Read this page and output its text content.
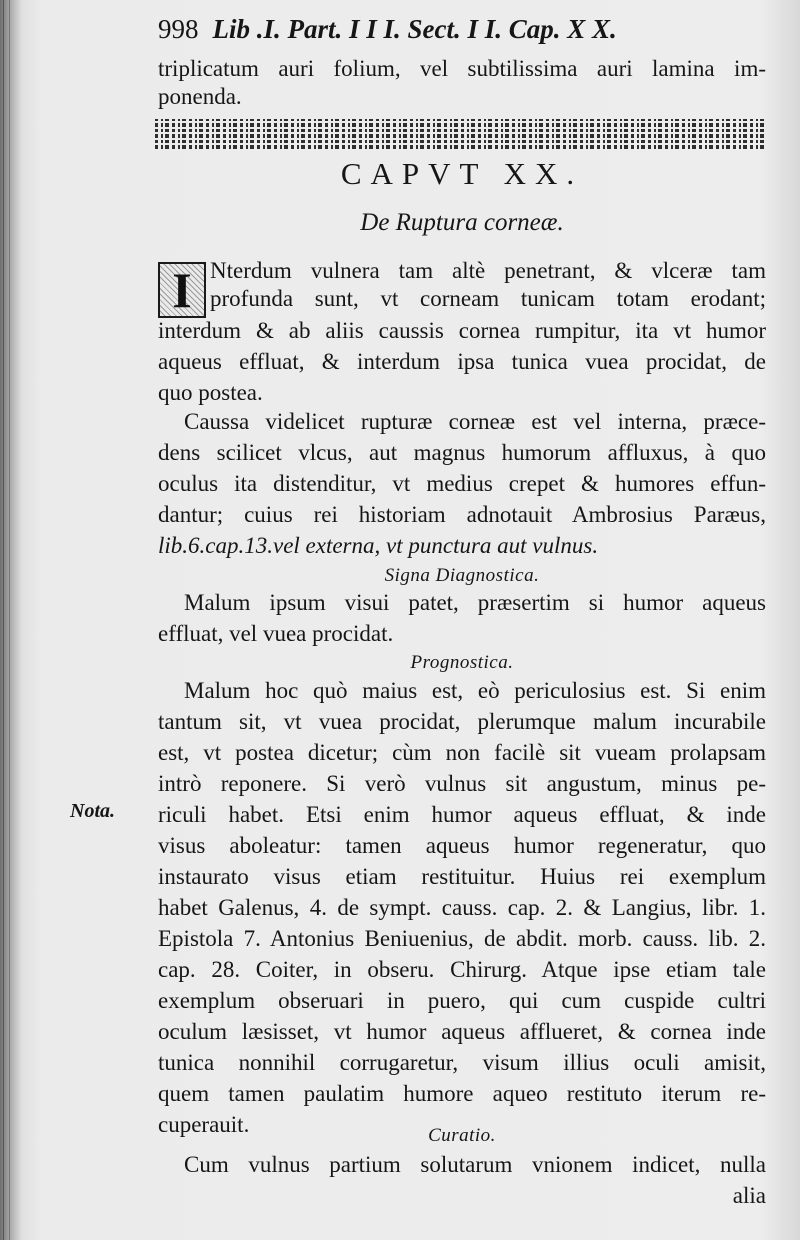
998 Lib .I. Part. I I I. Sect. I I. Cap. X X.
triplicatum auri folium, vel subtilissima auri lamina im-
ponenda.
CAPVT XX.
De Ruptura corneæ.
I Nterdum vulnera tam altè penetrant, & vlceræ tam
profunda sunt, vt corneam tunicam totam erodant;
interdum & ab aliis caussis cornea rumpitur, ita vt humor
aqueus effluat, & interdum ipsa tunica vuea procidat, de
quo postea.
Caussa videlicet rupturæ corneæ est vel interna, præce-
dens scilicet vlcus, aut magnus humorum affluxus, à quo
oculus ita distenditur, vt medius crepet & humores effun-
dantur; cuius rei historiam adnotauit Ambrosius Paræus,
lib.6.cap.13.vel externa, vt punctura aut vulnus.
Signa Diagnostica.
Malum ipsum visui patet, præsertim si humor aqueus
effluat, vel vuea procidat.
Prognostica.
Malum hoc quò maius est, eò periculosius est. Si enim
tantum sit, vt vuea procidat, plerumque malum incurabile
est, vt postea dicetur; cùm non facilè sit vueam prolapsam
intrò reponere. Si verò vulnus sit angustum, minus pe-
riculi habet. Etsi enim humor aqueus effluat, & inde
visus aboleatur: tamen aqueus humor regeneratur, quo
instaurato visus etiam restituitur. Huius rei exemplum
habet Galenus, 4. de sympt. causs. cap. 2. & Langius, libr. 1.
Epistola 7. Antonius Beniuenius, de abdit. morb. causs. lib. 2.
cap. 28. Coiter, in obseru. Chirurg. Atque ipse etiam tale
exemplum obseruari in puero, qui cum cuspide cultri
oculum læsisset, vt humor aqueus afflueret, & cornea inde
tunica nonnihil corrugaretur, visum illius oculi amisit,
quem tamen paulatim humore aqueo restituto iterum re-
cuperauit.
Nota.
Curatio.
Cum vulnus partium solutarum vnionem indicet, nulla
alia
